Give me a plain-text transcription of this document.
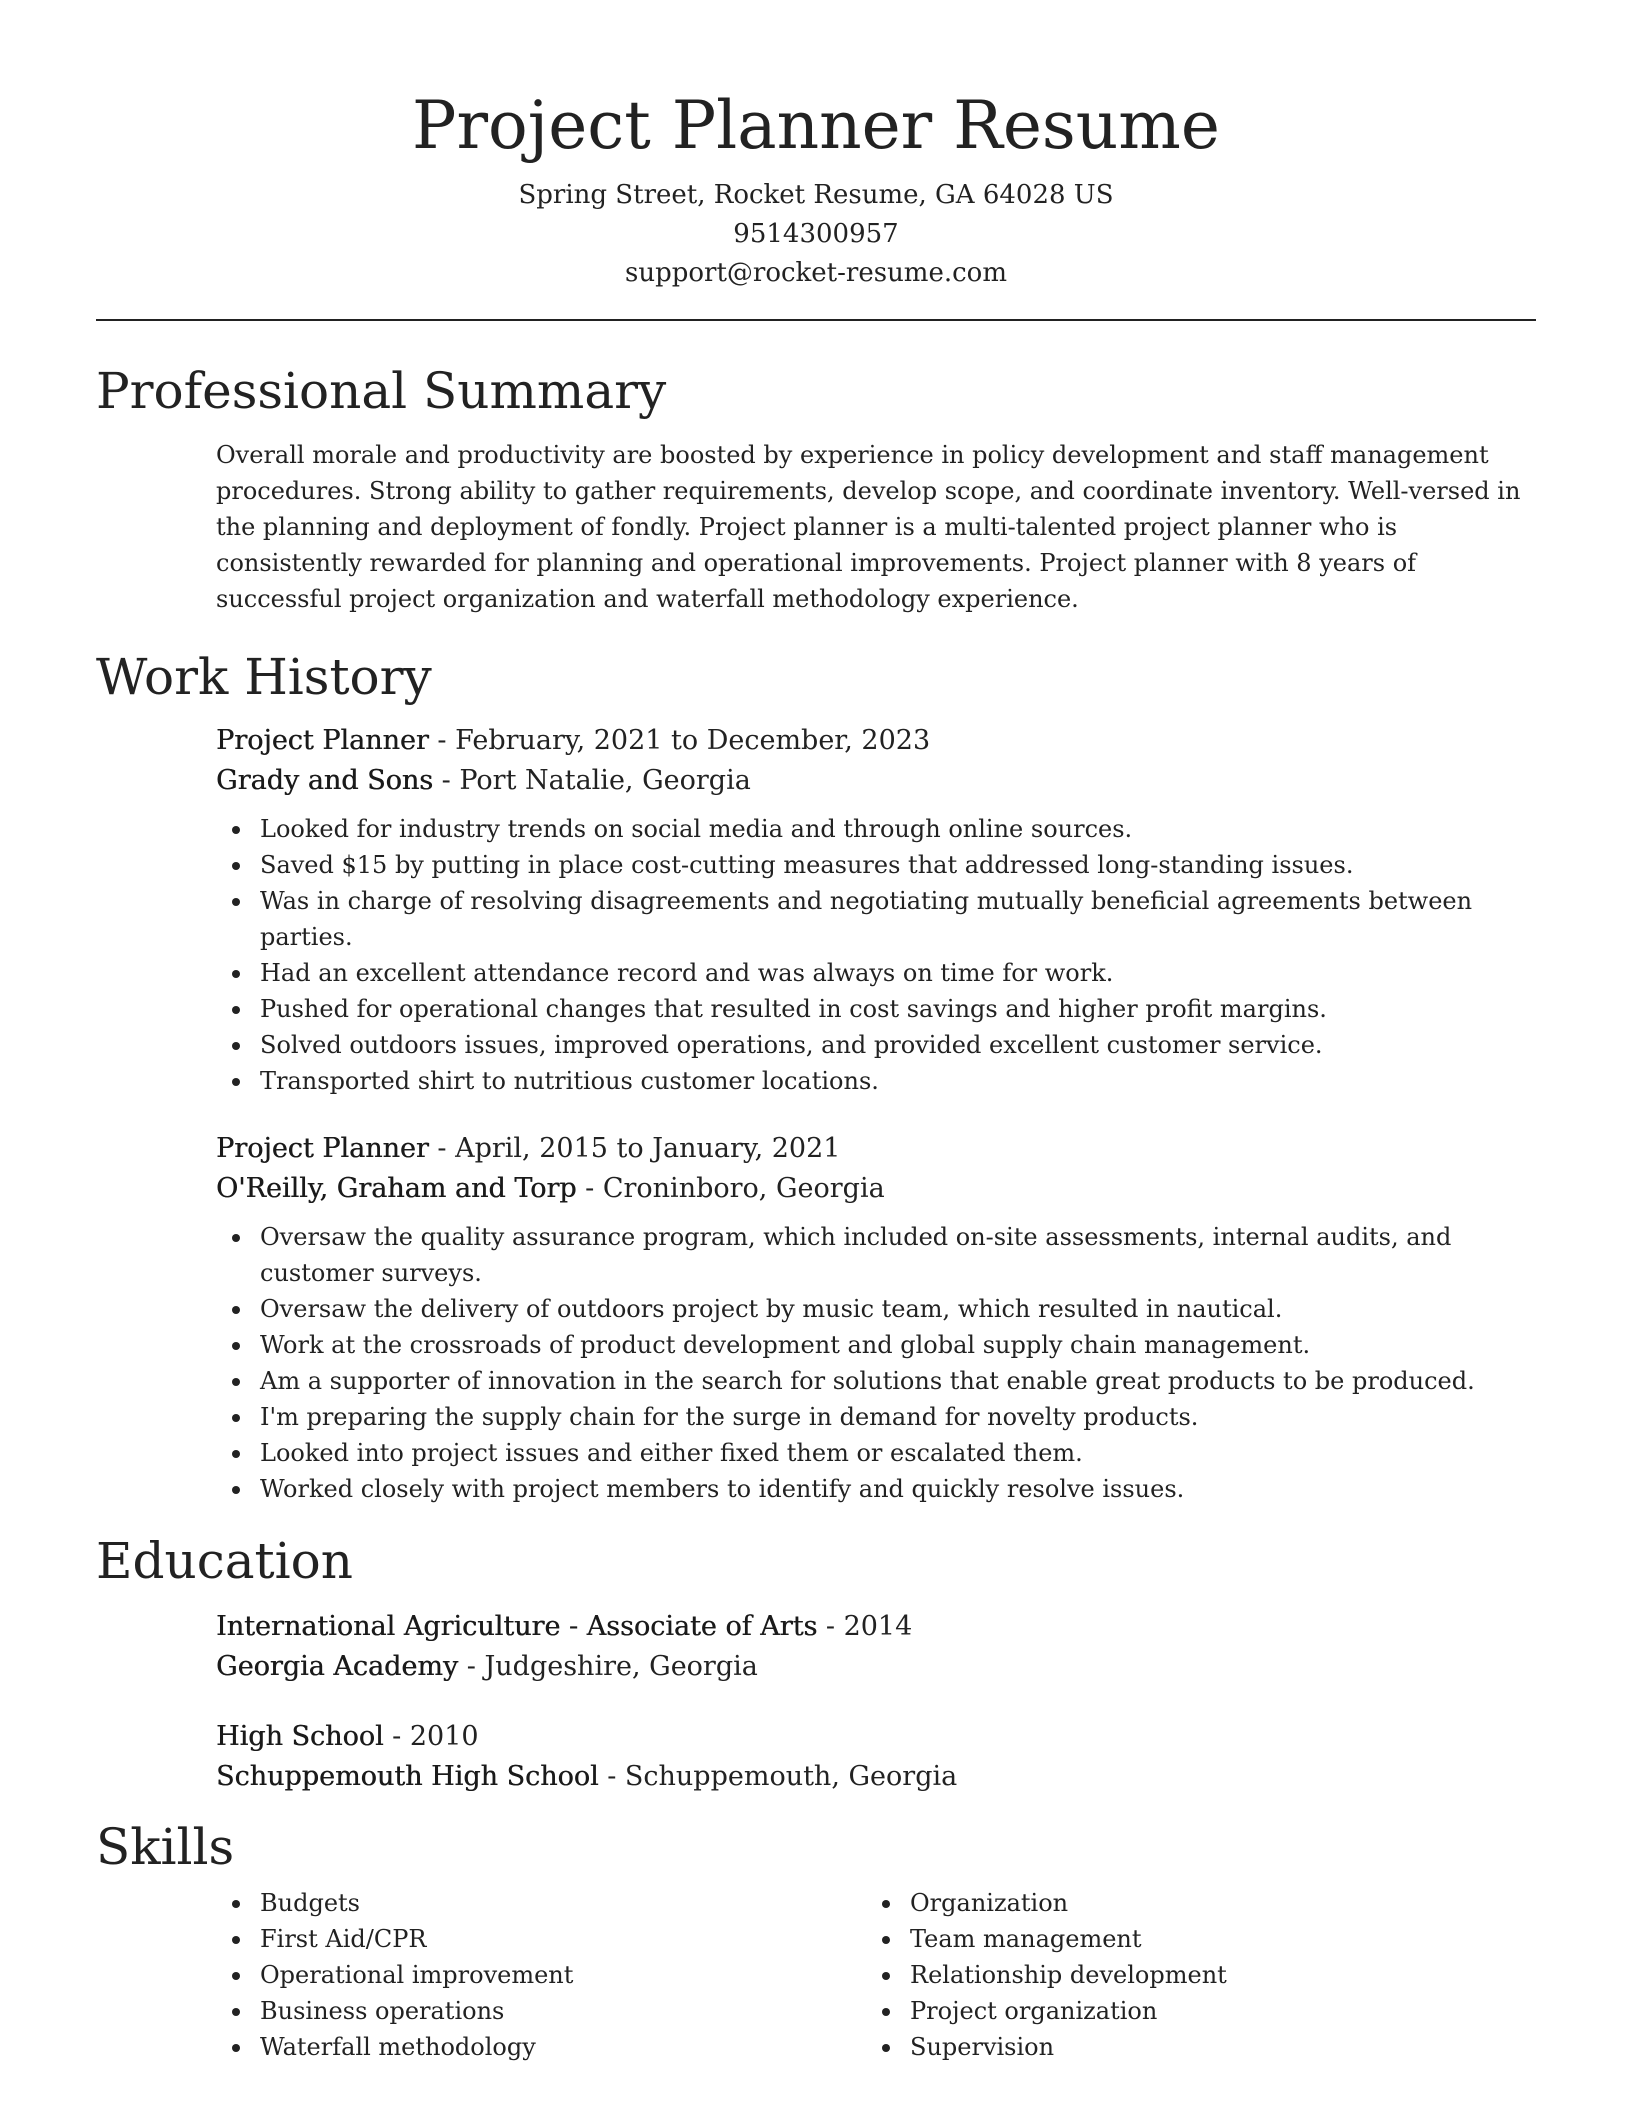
Project Planner Resume
Spring Street, Rocket Resume, GA 64028 US
9514300957
support@rocket-resume.com
Professional Summary

Overall morale and productivity are boosted by experience in policy development and staff management procedures. Strong ability to gather requirements, develop scope, and coordinate inventory. Well-versed in the planning and deployment of fondly. Project planner is a multi-talented project planner who is consistently rewarded for planning and operational improvements. Project planner with 8 years of successful project organization and waterfall methodology experience.

Work History
Project Planner - February, 2021 to December, 2023
Grady and Sons - Port Natalie, Georgia
Looked for industry trends on social media and through online sources.
Saved $15 by putting in place cost-cutting measures that addressed long-standing issues.
Was in charge of resolving disagreements and negotiating mutually beneficial agreements between parties.
Had an excellent attendance record and was always on time for work.
Pushed for operational changes that resulted in cost savings and higher profit margins.
Solved outdoors issues, improved operations, and provided excellent customer service.
Transported shirt to nutritious customer locations.
Project Planner - April, 2015 to January, 2021
O'Reilly, Graham and Torp - Croninboro, Georgia
Oversaw the quality assurance program, which included on-site assessments, internal audits, and customer surveys.
Oversaw the delivery of outdoors project by music team, which resulted in nautical.
Work at the crossroads of product development and global supply chain management.
Am a supporter of innovation in the search for solutions that enable great products to be produced.
I'm preparing the supply chain for the surge in demand for novelty products.
Looked into project issues and either fixed them or escalated them.
Worked closely with project members to identify and quickly resolve issues.
Education
International Agriculture - Associate of Arts - 2014
Georgia Academy - Judgeshire, Georgia
High School - 2010
Schuppemouth High School - Schuppemouth, Georgia
Skills
Budgets
First Aid/CPR
Operational improvement
Business operations
Waterfall methodology
Organization
Team management
Relationship development
Project organization
Supervision
